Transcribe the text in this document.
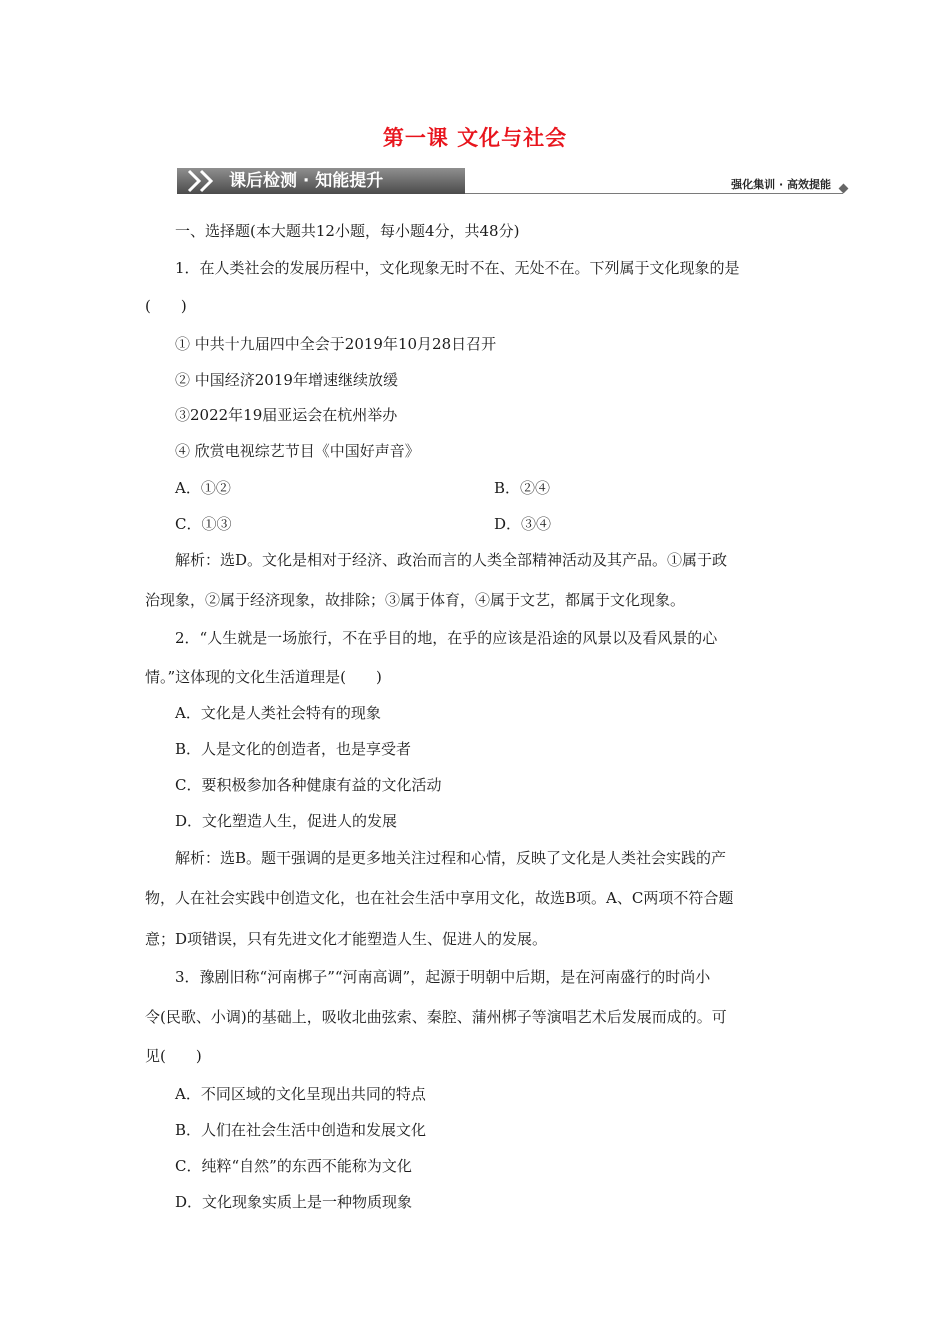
第一课 文化与社会
课后检测 · 知能提升	强化集训 · 高效提能
一、选择题(本大题共12小题，每小题4分，共48分)
1．在人类社会的发展历程中，文化现象无时不在、无处不在。下列属于文化现象的是
(　　)
① 中共十九届四中全会于2019年10月28日召开
② 中国经济2019年增速继续放缓
③2022年19届亚运会在杭州举办
④ 欣赏电视综艺节目《中国好声音》
A．①②	B．②④
C．①③	D．③④
解析：选D。文化是相对于经济、政治而言的人类全部精神活动及其产品。①属于政
治现象，②属于经济现象，故排除；③属于体育，④属于文艺，都属于文化现象。
2．“人生就是一场旅行，不在乎目的地，在乎的应该是沿途的风景以及看风景的心
情。”这体现的文化生活道理是(　　)
A．文化是人类社会特有的现象
B．人是文化的创造者，也是享受者
C．要积极参加各种健康有益的文化活动
D．文化塑造人生，促进人的发展
解析：选B。题干强调的是更多地关注过程和心情，反映了文化是人类社会实践的产
物，人在社会实践中创造文化，也在社会生活中享用文化，故选B项。A、C两项不符合题
意；D项错误，只有先进文化才能塑造人生、促进人的发展。
3．豫剧旧称“河南梆子”“河南高调”，起源于明朝中后期，是在河南盛行的时尚小
令(民歌、小调)的基础上，吸收北曲弦索、秦腔、蒲州梆子等演唱艺术后发展而成的。可
见(　　)
A．不同区域的文化呈现出共同的特点
B．人们在社会生活中创造和发展文化
C．纯粹“自然”的东西不能称为文化
D．文化现象实质上是一种物质现象
